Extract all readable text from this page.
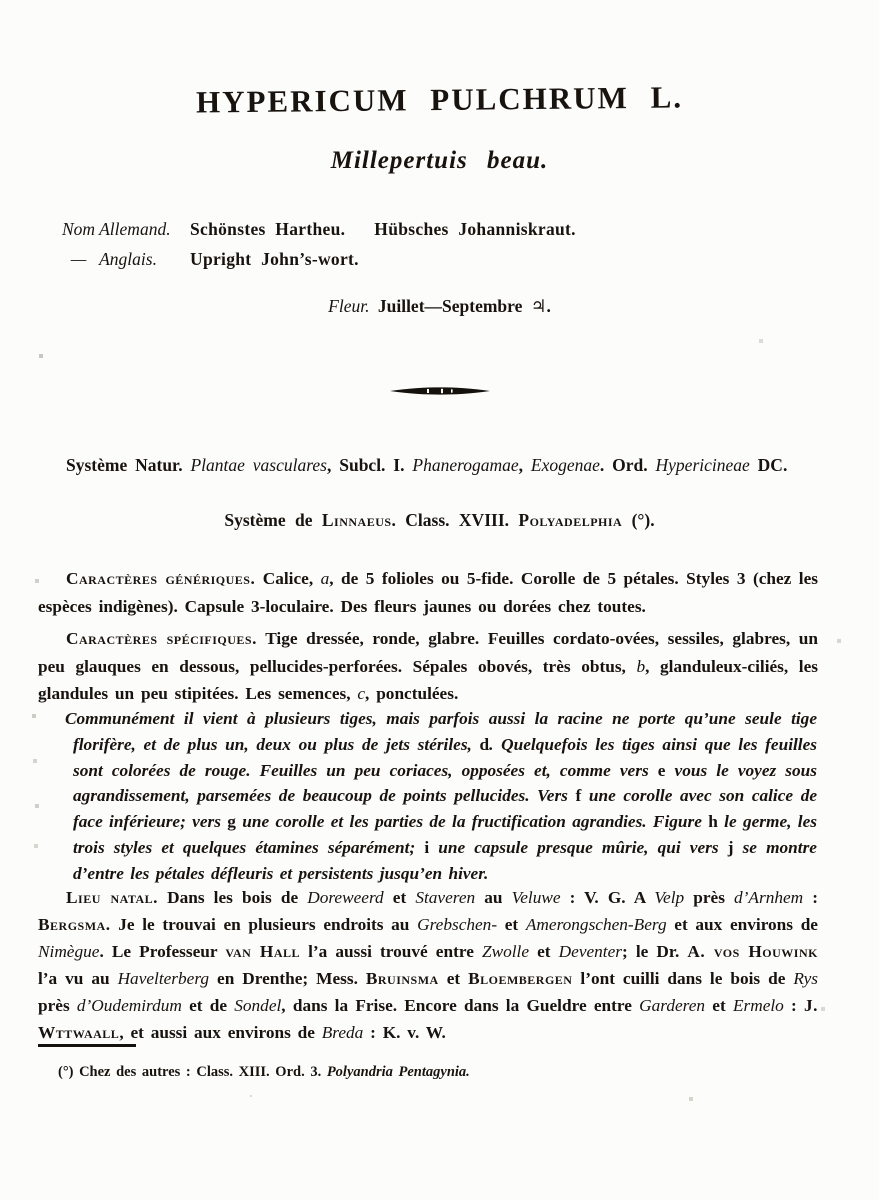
HYPERICUM PULCHRUM L.
Millepertuis beau.
Nom Allemand.	Schönstes Hartheu.   Hübsches Johanniskraut.
—   Anglais.	Upright John’s-wort.
Fleur. Juillet—Septembre ♃.
Système Natur. Plantae vasculares, Subcl. I. Phanerogamae, Exogenae. Ord. Hypericineae DC.
Système de Linnaeus. Class. XVIII. Polyadelphia (°).
Caractères génériques. Calice, a, de 5 folioles ou 5-fide. Corolle de 5 pétales. Styles 3 (chez les espèces indigènes). Capsule 3-loculaire. Des fleurs jaunes ou dorées chez toutes.
Caractères spécifiques. Tige dressée, ronde, glabre. Feuilles cordato-ovées, sessiles, glabres, un peu glauques en dessous, pellucides-perforées. Sépales obovés, très obtus, b, glanduleux-ciliés, les glandules un peu stipitées. Les semences, c, ponctulées.
Communément il vient à plusieurs tiges, mais parfois aussi la racine ne porte qu’une seule tige florifère, et de plus un, deux ou plus de jets stériles, d. Quelquefois les tiges ainsi que les feuilles sont colorées de rouge. Feuilles un peu coriaces, opposées et, comme vers e vous le voyez sous agrandissement, parsemées de beaucoup de points pellucides. Vers f une corolle avec son calice de face inférieure; vers g une corolle et les parties de la fructification agrandies. Figure h le germe, les trois styles et quelques étamines séparément; i une capsule presque mûrie, qui vers j se montre d’entre les pétales défleuris et persistents jusqu’en hiver.
Lieu natal. Dans les bois de Doreweerd et Staveren au Veluwe : V. G. A Velp près d’Arnhem : Bergsma. Je le trouvai en plusieurs endroits au Grebschen- et Amerongschen-Berg et aux environs de Nimègue. Le Professeur van Hall l’a aussi trouvé entre Zwolle et Deventer; le Dr. A. vos Houwink l’a vu au Havelterberg en Drenthe; Mess. Bruinsma et Bloembergen l’ont cuilli dans le bois de Rys près d’Oudemirdum et de Sondel, dans la Frise. Encore dans la Gueldre entre Garderen et Ermelo : J. Wttwaall, et aussi aux environs de Breda : K. v. W.
(°) Chez des autres : Class. XIII. Ord. 3. Polyandria Pentagynia.
